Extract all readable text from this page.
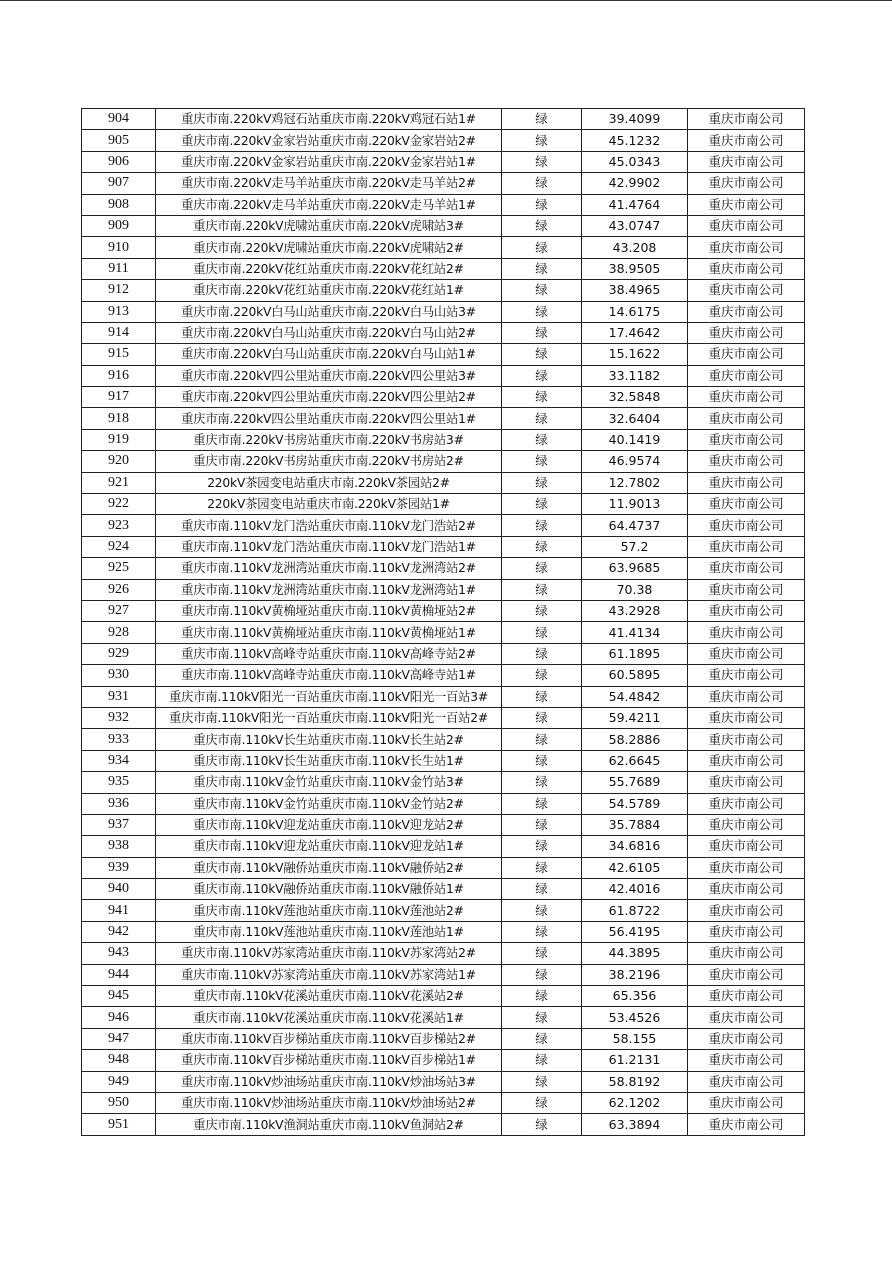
904	重庆市南.220kV鸡冠石站重庆市南.220kV鸡冠石站1#	绿	39.4099	重庆市南公司
905	重庆市南.220kV金家岩站重庆市南.220kV金家岩站2#	绿	45.1232	重庆市南公司
906	重庆市南.220kV金家岩站重庆市南.220kV金家岩站1#	绿	45.0343	重庆市南公司
907	重庆市南.220kV走马羊站重庆市南.220kV走马羊站2#	绿	42.9902	重庆市南公司
908	重庆市南.220kV走马羊站重庆市南.220kV走马羊站1#	绿	41.4764	重庆市南公司
909	重庆市南.220kV虎啸站重庆市南.220kV虎啸站3#	绿	43.0747	重庆市南公司
910	重庆市南.220kV虎啸站重庆市南.220kV虎啸站2#	绿	43.208	重庆市南公司
911	重庆市南.220kV花红站重庆市南.220kV花红站2#	绿	38.9505	重庆市南公司
912	重庆市南.220kV花红站重庆市南.220kV花红站1#	绿	38.4965	重庆市南公司
913	重庆市南.220kV白马山站重庆市南.220kV白马山站3#	绿	14.6175	重庆市南公司
914	重庆市南.220kV白马山站重庆市南.220kV白马山站2#	绿	17.4642	重庆市南公司
915	重庆市南.220kV白马山站重庆市南.220kV白马山站1#	绿	15.1622	重庆市南公司
916	重庆市南.220kV四公里站重庆市南.220kV四公里站3#	绿	33.1182	重庆市南公司
917	重庆市南.220kV四公里站重庆市南.220kV四公里站2#	绿	32.5848	重庆市南公司
918	重庆市南.220kV四公里站重庆市南.220kV四公里站1#	绿	32.6404	重庆市南公司
919	重庆市南.220kV书房站重庆市南.220kV书房站3#	绿	40.1419	重庆市南公司
920	重庆市南.220kV书房站重庆市南.220kV书房站2#	绿	46.9574	重庆市南公司
921	220kV茶园变电站重庆市南.220kV茶园站2#	绿	12.7802	重庆市南公司
922	220kV茶园变电站重庆市南.220kV茶园站1#	绿	11.9013	重庆市南公司
923	重庆市南.110kV龙门浩站重庆市南.110kV龙门浩站2#	绿	64.4737	重庆市南公司
924	重庆市南.110kV龙门浩站重庆市南.110kV龙门浩站1#	绿	57.2	重庆市南公司
925	重庆市南.110kV龙洲湾站重庆市南.110kV龙洲湾站2#	绿	63.9685	重庆市南公司
926	重庆市南.110kV龙洲湾站重庆市南.110kV龙洲湾站1#	绿	70.38	重庆市南公司
927	重庆市南.110kV黄桷垭站重庆市南.110kV黄桷垭站2#	绿	43.2928	重庆市南公司
928	重庆市南.110kV黄桷垭站重庆市南.110kV黄桷垭站1#	绿	41.4134	重庆市南公司
929	重庆市南.110kV高峰寺站重庆市南.110kV高峰寺站2#	绿	61.1895	重庆市南公司
930	重庆市南.110kV高峰寺站重庆市南.110kV高峰寺站1#	绿	60.5895	重庆市南公司
931	重庆市南.110kV阳光一百站重庆市南.110kV阳光一百站3#	绿	54.4842	重庆市南公司
932	重庆市南.110kV阳光一百站重庆市南.110kV阳光一百站2#	绿	59.4211	重庆市南公司
933	重庆市南.110kV长生站重庆市南.110kV长生站2#	绿	58.2886	重庆市南公司
934	重庆市南.110kV长生站重庆市南.110kV长生站1#	绿	62.6645	重庆市南公司
935	重庆市南.110kV金竹站重庆市南.110kV金竹站3#	绿	55.7689	重庆市南公司
936	重庆市南.110kV金竹站重庆市南.110kV金竹站2#	绿	54.5789	重庆市南公司
937	重庆市南.110kV迎龙站重庆市南.110kV迎龙站2#	绿	35.7884	重庆市南公司
938	重庆市南.110kV迎龙站重庆市南.110kV迎龙站1#	绿	34.6816	重庆市南公司
939	重庆市南.110kV融侨站重庆市南.110kV融侨站2#	绿	42.6105	重庆市南公司
940	重庆市南.110kV融侨站重庆市南.110kV融侨站1#	绿	42.4016	重庆市南公司
941	重庆市南.110kV莲池站重庆市南.110kV莲池站2#	绿	61.8722	重庆市南公司
942	重庆市南.110kV莲池站重庆市南.110kV莲池站1#	绿	56.4195	重庆市南公司
943	重庆市南.110kV苏家湾站重庆市南.110kV苏家湾站2#	绿	44.3895	重庆市南公司
944	重庆市南.110kV苏家湾站重庆市南.110kV苏家湾站1#	绿	38.2196	重庆市南公司
945	重庆市南.110kV花溪站重庆市南.110kV花溪站2#	绿	65.356	重庆市南公司
946	重庆市南.110kV花溪站重庆市南.110kV花溪站1#	绿	53.4526	重庆市南公司
947	重庆市南.110kV百步梯站重庆市南.110kV百步梯站2#	绿	58.155	重庆市南公司
948	重庆市南.110kV百步梯站重庆市南.110kV百步梯站1#	绿	61.2131	重庆市南公司
949	重庆市南.110kV炒油场站重庆市南.110kV炒油场站3#	绿	58.8192	重庆市南公司
950	重庆市南.110kV炒油场站重庆市南.110kV炒油场站2#	绿	62.1202	重庆市南公司
951	重庆市南.110kV渔洞站重庆市南.110kV鱼洞站2#	绿	63.3894	重庆市南公司
